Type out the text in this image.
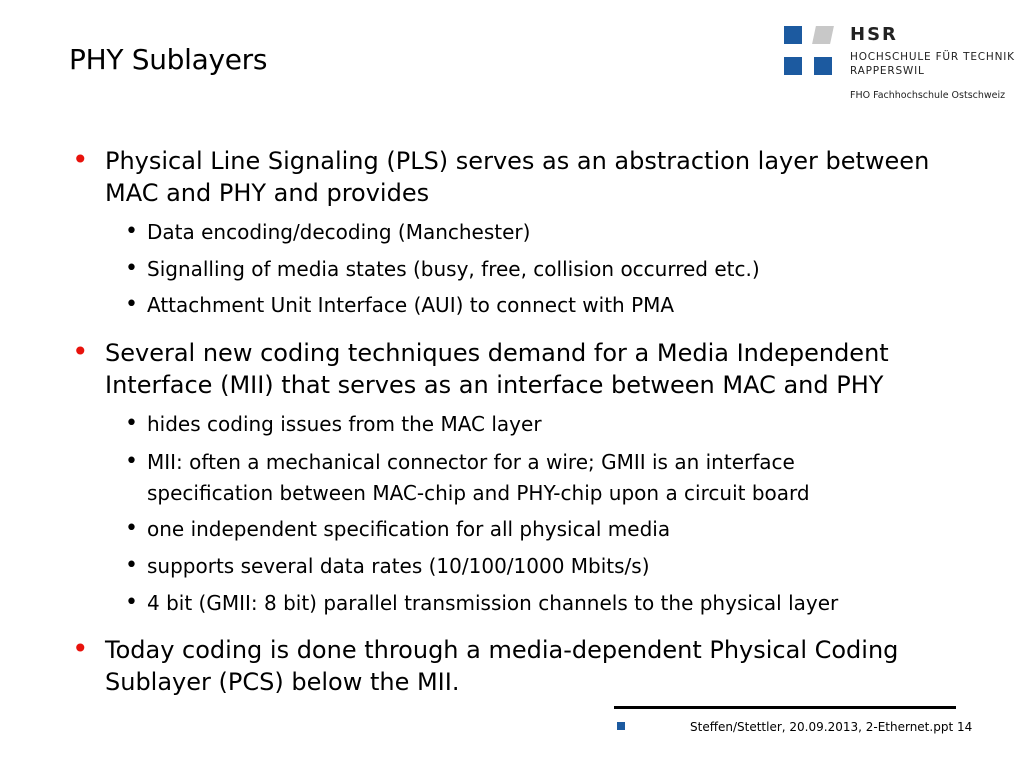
PHY Sublayers
HSR
HOCHSCHULE FÜR TECHNIK
RAPPERSWIL
FHO Fachhochschule Ostschweiz
• Physical Line Signaling (PLS) serves as an abstraction layer between
MAC and PHY and provides
• Data encoding/decoding (Manchester)
• Signalling of media states (busy, free, collision occurred etc.)
• Attachment Unit Interface (AUI) to connect with PMA
• Several new coding techniques demand for a Media Independent
Interface (MII) that serves as an interface between MAC and PHY
• hides coding issues from the MAC layer
• MII: often a mechanical connector for a wire; GMII is an interface
specification between MAC-chip and PHY-chip upon a circuit board
• one independent specification for all physical media
• supports several data rates (10/100/1000 Mbits/s)
• 4 bit (GMII: 8 bit) parallel transmission channels to the physical layer
• Today coding is done through a media-dependent Physical Coding
Sublayer (PCS) below the MII.
Steffen/Stettler, 20.09.2013, 2-Ethernet.ppt 14
